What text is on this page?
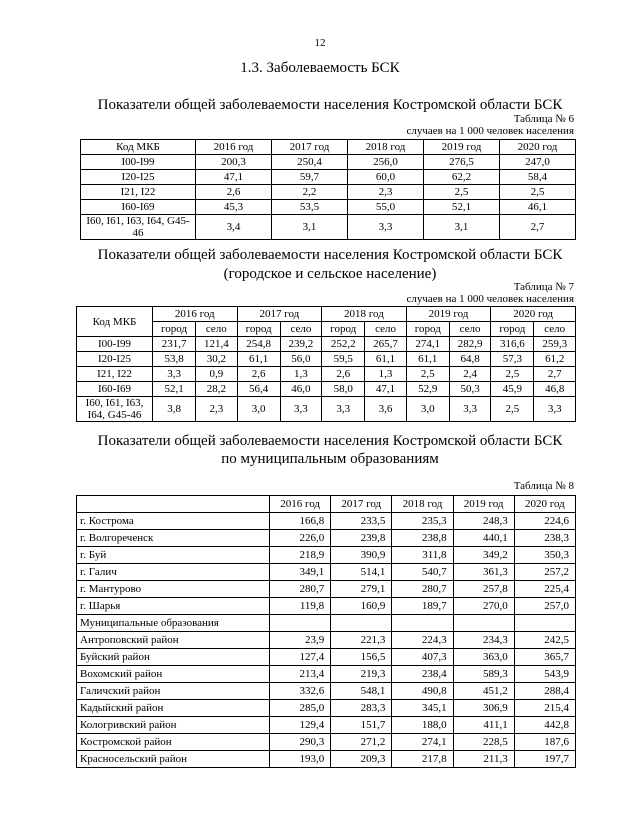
12
1.3. Заболеваемость БСК
Показатели общей заболеваемости населения Костромской области БСК
Таблица № 6
случаев на 1 000 человек населения
Код МКБ	2016 год	2017 год	2018 год	2019 год	2020 год
I00-I99	200,3	250,4	256,0	276,5	247,0
I20-I25	47,1	59,7	60,0	62,2	58,4
I21, I22	2,6	2,2	2,3	2,5	2,5
I60-I69	45,3	53,5	55,0	52,1	46,1
I60, I61, I63, I64, G45-46	3,4	3,1	3,3	3,1	2,7
Показатели общей заболеваемости населения Костромской области БСК
(городское и сельское население)
Таблица № 7
случаев на 1 000 человек населения
Код МКБ	2016 год		2017 год		2018 год		2019 год		2020 год	
	город	село	город	село	город	село	город	село	город	село
I00-I99	231,7	121,4	254,8	239,2	252,2	265,7	274,1	282,9	316,6	259,3
I20-I25	53,8	30,2	61,1	56,0	59,5	61,1	61,1	64,8	57,3	61,2
I21, I22	3,3	0,9	2,6	1,3	2,6	1,3	2,5	2,4	2,5	2,7
I60-I69	52,1	28,2	56,4	46,0	58,0	47,1	52,9	50,3	45,9	46,8
I60, I61, I63, I64, G45-46	3,8	2,3	3,0	3,3	3,3	3,6	3,0	3,3	2,5	3,3
Показатели общей заболеваемости населения Костромской области БСК
по муниципальным образованиям
Таблица № 8
	2016 год	2017 год	2018 год	2019 год	2020 год
г. Кострома	166,8	233,5	235,3	248,3	224,6
г. Волгореченск	226,0	239,8	238,8	440,1	238,3
г. Буй	218,9	390,9	311,8	349,2	350,3
г. Галич	349,1	514,1	540,7	361,3	257,2
г. Мантурово	280,7	279,1	280,7	257,8	225,4
г. Шарья	119,8	160,9	189,7	270,0	257,0
Муниципальные образования					
Антроповский район	23,9	221,3	224,3	234,3	242,5
Буйский район	127,4	156,5	407,3	363,0	365,7
Вохомский район	213,4	219,3	238,4	589,3	543,9
Галичский район	332,6	548,1	490,8	451,2	288,4
Кадыйский район	285,0	283,3	345,1	306,9	215,4
Кологривский район	129,4	151,7	188,0	411,1	442,8
Костромской район	290,3	271,2	274,1	228,5	187,6
Красносельский район	193,0	209,3	217,8	211,3	197,7
